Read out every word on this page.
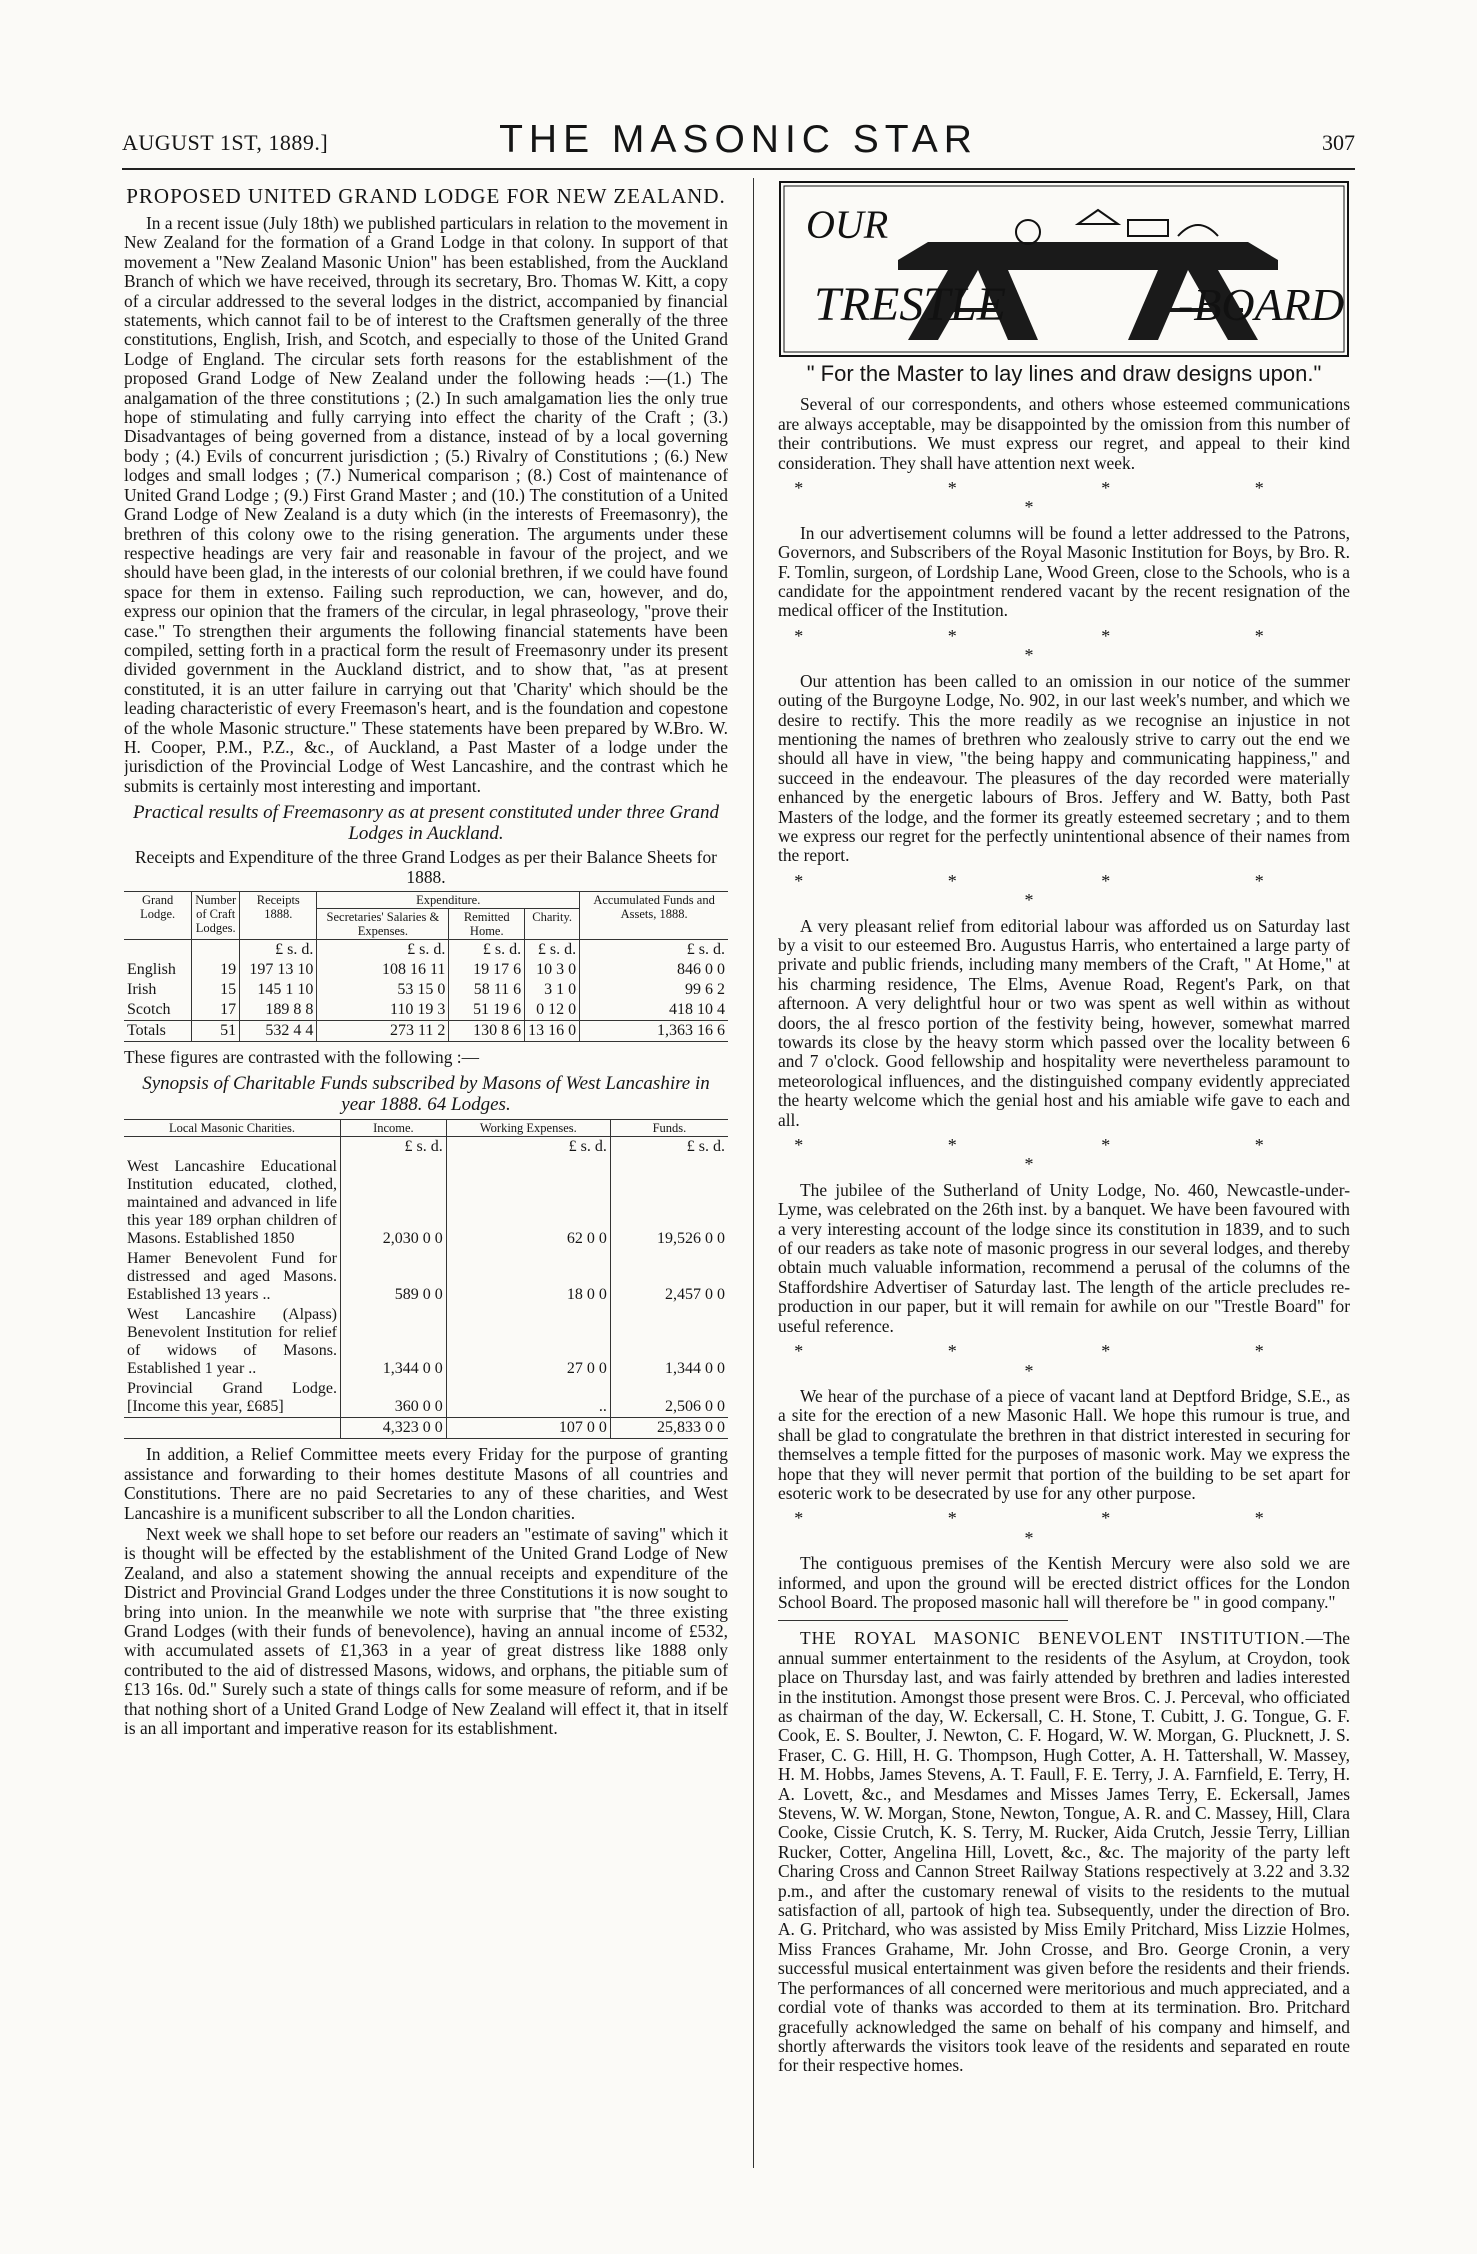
AUGUST 1ST, 1889.]	THE MASONIC STAR	307
PROPOSED UNITED GRAND LODGE FOR NEW ZEALAND.

In a recent issue (July 18th) we published particulars in relation to the movement in New Zealand for the formation of a Grand Lodge in that colony. In support of that movement a "New Zealand Masonic Union" has been established, from the Auckland Branch of which we have received, through its secretary, Bro. Thomas W. Kitt, a copy of a circular addressed to the several lodges in the district, accompanied by financial statements, which cannot fail to be of interest to the Craftsmen generally of the three constitutions, English, Irish, and Scotch, and especially to those of the United Grand Lodge of England. The circular sets forth reasons for the establishment of the proposed Grand Lodge of New Zealand under the following heads :—(1.) The analgamation of the three constitutions ; (2.) In such amalgamation lies the only true hope of stimulating and fully carrying into effect the charity of the Craft ; (3.) Disadvantages of being governed from a distance, instead of by a local governing body ; (4.) Evils of concurrent jurisdiction ; (5.) Rivalry of Constitutions ; (6.) New lodges and small lodges ; (7.) Numerical comparison ; (8.) Cost of maintenance of United Grand Lodge ; (9.) First Grand Master ; and (10.) The constitution of a United Grand Lodge of New Zealand is a duty which (in the interests of Freemasonry), the brethren of this colony owe to the rising generation. The arguments under these respective headings are very fair and reasonable in favour of the project, and we should have been glad, in the interests of our colonial brethren, if we could have found space for them in extenso. Failing such reproduction, we can, however, and do, express our opinion that the framers of the circular, in legal phraseology, "prove their case." To strengthen their arguments the following financial statements have been compiled, setting forth in a practical form the result of Freemasonry under its present divided government in the Auckland district, and to show that, "as at present constituted, it is an utter failure in carrying out that 'Charity' which should be the leading characteristic of every Freemason's heart, and is the foundation and copestone of the whole Masonic structure." These statements have been prepared by W.Bro. W. H. Cooper, P.M., P.Z., &c., of Auckland, a Past Master of a lodge under the jurisdiction of the Provincial Lodge of West Lancashire, and the contrast which he submits is certainly most interesting and important.

Practical results of Freemasonry as at present constituted under three Grand Lodges in Auckland.

Receipts and Expenditure of the three Grand Lodges as per their Balance Sheets for 1888.

Grand Lodge.	Number of Craft Lodges.	Receipts 1888.	Expenditure.			Accumulated Funds and Assets, 1888.
			Secretaries' Salaries & Expenses.	Remitted Home.	Charity.	
		£ s. d.	£ s. d.	£ s. d.	£ s. d.	£ s. d.
English	19	197 13 10	108 16 11	19 17 6	10 3 0	846 0 0
Irish	15	145 1 10	53 15 0	58 11 6	3 1 0	99 6 2
Scotch	17	189 8 8	110 19 3	51 19 6	0 12 0	418 10 4
Totals	51	532 4 4	273 11 2	130 8 6	13 16 0	1,363 16 6

These figures are contrasted with the following :—

Synopsis of Charitable Funds subscribed by Masons of West Lancashire in year 1888. 64 Lodges.
Local Masonic Charities.	Income.	Working Expenses.	Funds.
	£ s. d.	£ s. d.	£ s. d.
West Lancashire Educational Institution educated, clothed, maintained and advanced in life this year 189 orphan children of Masons. Established 1850	2,030 0 0	62 0 0	19,526 0 0
Hamer Benevolent Fund for distressed and aged Masons. Established 13 years ..	589 0 0	18 0 0	2,457 0 0
West Lancashire (Alpass) Benevolent Institution for relief of widows of Masons. Established 1 year ..	1,344 0 0	27 0 0	1,344 0 0
Provincial Grand Lodge. [Income this year, £685]	360 0 0	..	2,506 0 0
	4,323 0 0	107 0 0	25,833 0 0

In addition, a Relief Committee meets every Friday for the purpose of granting assistance and forwarding to their homes destitute Masons of all countries and Constitutions. There are no paid Secretaries to any of these charities, and West Lancashire is a munificent subscriber to all the London charities.

Next week we shall hope to set before our readers an "estimate of saving" which it is thought will be effected by the establishment of the United Grand Lodge of New Zealand, and also a statement showing the annual receipts and expenditure of the District and Provincial Grand Lodges under the three Constitutions it is now sought to bring into union. In the meanwhile we note with surprise that "the three existing Grand Lodges (with their funds of benevolence), having an annual income of £532, with accumulated assets of £1,363 in a year of great distress like 1888 only contributed to the aid of distressed Masons, widows, and orphans, the pitiable sum of £13 16s. 0d." Surely such a state of things calls for some measure of reform, and if be that nothing short of a United Grand Lodge of New Zealand will effect it, that in itself is an all important and imperative reason for its establishment.

OUR
TRESTLE	-BOARD
" For the Master to lay lines and draw designs upon."

Several of our correspondents, and others whose esteemed communications are always acceptable, may be disappointed by the omission from this number of their contributions. We must express our regret, and appeal to their kind consideration. They shall have attention next week.

* * * * *

In our advertisement columns will be found a letter addressed to the Patrons, Governors, and Subscribers of the Royal Masonic Institution for Boys, by Bro. R. F. Tomlin, surgeon, of Lordship Lane, Wood Green, close to the Schools, who is a candidate for the appointment rendered vacant by the recent resignation of the medical officer of the Institution.

* * * * *

Our attention has been called to an omission in our notice of the summer outing of the Burgoyne Lodge, No. 902, in our last week's number, and which we desire to rectify. This the more readily as we recognise an injustice in not mentioning the names of brethren who zealously strive to carry out the end we should all have in view, "the being happy and communicating happiness," and succeed in the endeavour. The pleasures of the day recorded were materially enhanced by the energetic labours of Bros. Jeffery and W. Batty, both Past Masters of the lodge, and the former its greatly esteemed secretary ; and to them we express our regret for the perfectly unintentional absence of their names from the report.

* * * * *

A very pleasant relief from editorial labour was afforded us on Saturday last by a visit to our esteemed Bro. Augustus Harris, who entertained a large party of private and public friends, including many members of the Craft, " At Home," at his charming residence, The Elms, Avenue Road, Regent's Park, on that afternoon. A very delightful hour or two was spent as well within as without doors, the al fresco portion of the festivity being, however, somewhat marred towards its close by the heavy storm which passed over the locality between 6 and 7 o'clock. Good fellowship and hospitality were nevertheless paramount to meteorological influences, and the distinguished company evidently appreciated the hearty welcome which the genial host and his amiable wife gave to each and all.

* * * * *

The jubilee of the Sutherland of Unity Lodge, No. 460, Newcastle-under-Lyme, was celebrated on the 26th inst. by a banquet. We have been favoured with a very interesting account of the lodge since its constitution in 1839, and to such of our readers as take note of masonic progress in our several lodges, and thereby obtain much valuable information, recommend a perusal of the columns of the Staffordshire Advertiser of Saturday last. The length of the article precludes re-production in our paper, but it will remain for awhile on our "Trestle Board" for useful reference.

* * * * *

We hear of the purchase of a piece of vacant land at Deptford Bridge, S.E., as a site for the erection of a new Masonic Hall. We hope this rumour is true, and shall be glad to congratulate the brethren in that district interested in securing for themselves a temple fitted for the purposes of masonic work. May we express the hope that they will never permit that portion of the building to be set apart for esoteric work to be desecrated by use for any other purpose.

* * * * *

The contiguous premises of the Kentish Mercury were also sold we are informed, and upon the ground will be erected district offices for the London School Board. The proposed masonic hall will therefore be " in good company."

THE ROYAL MASONIC BENEVOLENT INSTITUTION.—The annual summer entertainment to the residents of the Asylum, at Croydon, took place on Thursday last, and was fairly attended by brethren and ladies interested in the institution. Amongst those present were Bros. C. J. Perceval, who officiated as chairman of the day, W. Eckersall, C. H. Stone, T. Cubitt, J. G. Tongue, G. F. Cook, E. S. Boulter, J. Newton, C. F. Hogard, W. W. Morgan, G. Plucknett, J. S. Fraser, C. G. Hill, H. G. Thompson, Hugh Cotter, A. H. Tattershall, W. Massey, H. M. Hobbs, James Stevens, A. T. Faull, F. E. Terry, J. A. Farnfield, E. Terry, H. A. Lovett, &c., and Mesdames and Misses James Terry, E. Eckersall, James Stevens, W. W. Morgan, Stone, Newton, Tongue, A. R. and C. Massey, Hill, Clara Cooke, Cissie Crutch, K. S. Terry, M. Rucker, Aida Crutch, Jessie Terry, Lillian Rucker, Cotter, Angelina Hill, Lovett, &c., &c. The majority of the party left Charing Cross and Cannon Street Railway Stations respectively at 3.22 and 3.32 p.m., and after the customary renewal of visits to the residents to the mutual satisfaction of all, partook of high tea. Subsequently, under the direction of Bro. A. G. Pritchard, who was assisted by Miss Emily Pritchard, Miss Lizzie Holmes, Miss Frances Grahame, Mr. John Crosse, and Bro. George Cronin, a very successful musical entertainment was given before the residents and their friends. The performances of all concerned were meritorious and much appreciated, and a cordial vote of thanks was accorded to them at its termination. Bro. Pritchard gracefully acknowledged the same on behalf of his company and himself, and shortly afterwards the visitors took leave of the residents and separated en route for their respective homes.
